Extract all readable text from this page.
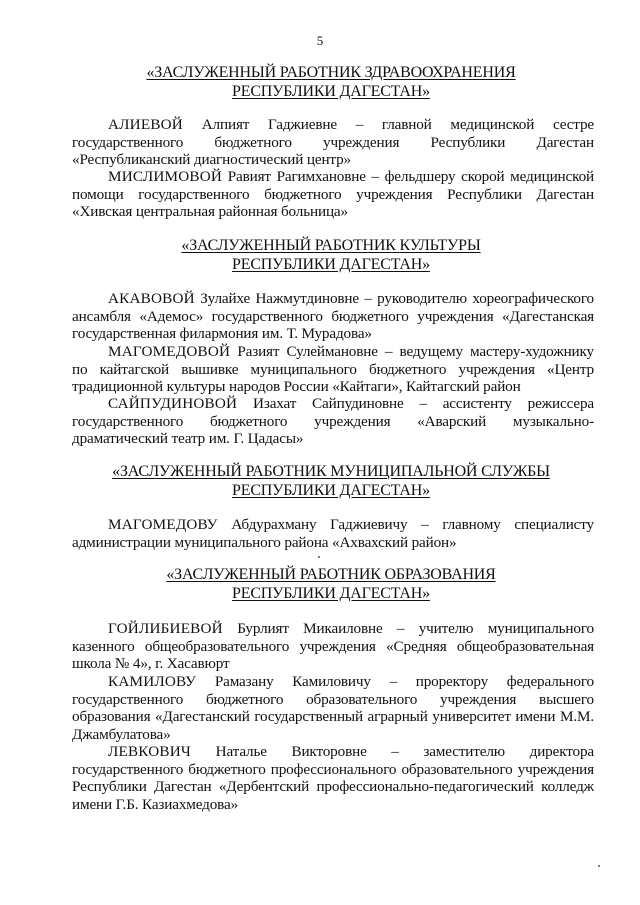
5
«ЗАСЛУЖЕННЫЙ РАБОТНИК ЗДРАВООХРАНЕНИЯ
РЕСПУБЛИКИ ДАГЕСТАН»
АЛИЕВОЙ Алпият Гаджиевне – главной медицинской сестре государственного бюджетного учреждения Республики Дагестан «Республиканский диагностический центр»
МИСЛИМОВОЙ Равият Рагимхановне – фельдшеру скорой медицинской помощи государственного бюджетного учреждения Республики Дагестан «Хивская центральная районная больница»
«ЗАСЛУЖЕННЫЙ РАБОТНИК КУЛЬТУРЫ
РЕСПУБЛИКИ ДАГЕСТАН»
АКАВОВОЙ Зулайхе Нажмутдиновне – руководителю хореографического ансамбля «Адемос» государственного бюджетного учреждения «Дагестанская государственная филармония им. Т. Мурадова»
МАГОМЕДОВОЙ Разият Сулеймановне – ведущему мастеру-художнику по кайтагской вышивке муниципального бюджетного учреждения «Центр традиционной культуры народов России «Кайтаги», Кайтагский район
САЙПУДИНОВОЙ Изахат Сайпудиновне – ассистенту режиссера государственного бюджетного учреждения «Аварский музыкально-драматический театр им. Г. Цадасы»
«ЗАСЛУЖЕННЫЙ РАБОТНИК МУНИЦИПАЛЬНОЙ СЛУЖБЫ
РЕСПУБЛИКИ ДАГЕСТАН»
МАГОМЕДОВУ Абдурахману Гаджиевичу – главному специалисту администрации муниципального района «Ахвахский район»
«ЗАСЛУЖЕННЫЙ РАБОТНИК ОБРАЗОВАНИЯ
РЕСПУБЛИКИ ДАГЕСТАН»
ГОЙЛИБИЕВОЙ Бурлият Микаиловне – учителю муниципального казенного общеобразовательного учреждения «Средняя общеобразовательная школа № 4», г. Хасавюрт
КАМИЛОВУ Рамазану Камиловичу – проректору федерального государственного бюджетного образовательного учреждения высшего образования «Дагестанский государственный аграрный университет имени М.М. Джамбулатова»
ЛЕВКОВИЧ Наталье Викторовне – заместителю директора государственного бюджетного профессионального образовательного учреждения Республики Дагестан «Дербентский профессионально-педагогический колледж имени Г.Б. Казиахмедова»
